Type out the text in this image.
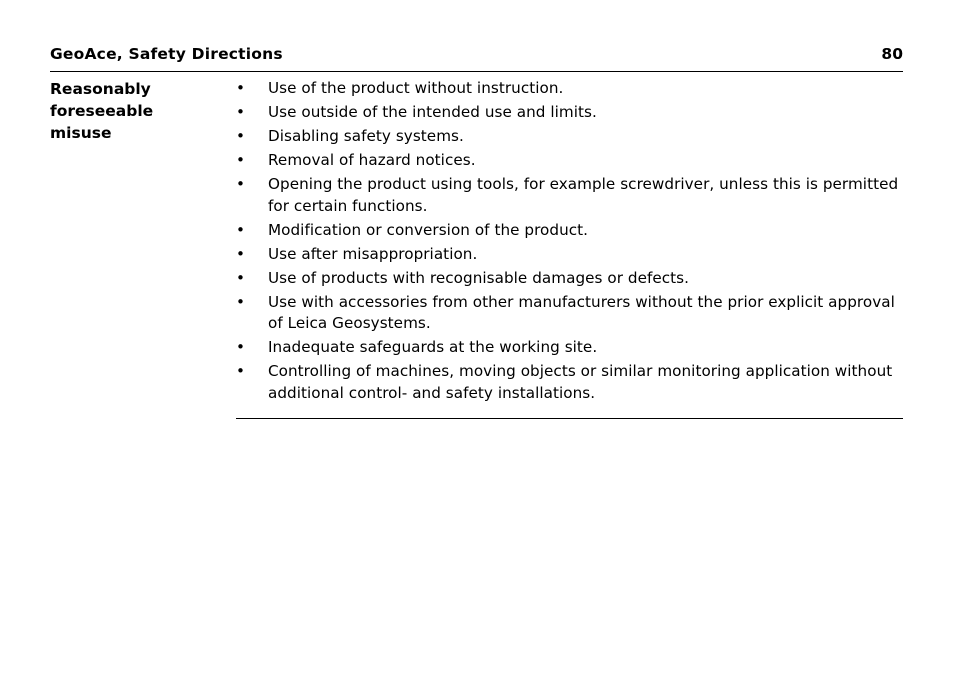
GeoAce, Safety Directions	80
Reasonably
foreseeable
misuse
• Use of the product without instruction.
• Use outside of the intended use and limits.
• Disabling safety systems.
• Removal of hazard notices.
• Opening the product using tools, for example screwdriver, unless this is permitted for certain functions.
• Modification or conversion of the product.
• Use after misappropriation.
• Use of products with recognisable damages or defects.
• Use with accessories from other manufacturers without the prior explicit approval of Leica Geosystems.
• Inadequate safeguards at the working site.
• Controlling of machines, moving objects or similar monitoring application without additional control- and safety installations.
